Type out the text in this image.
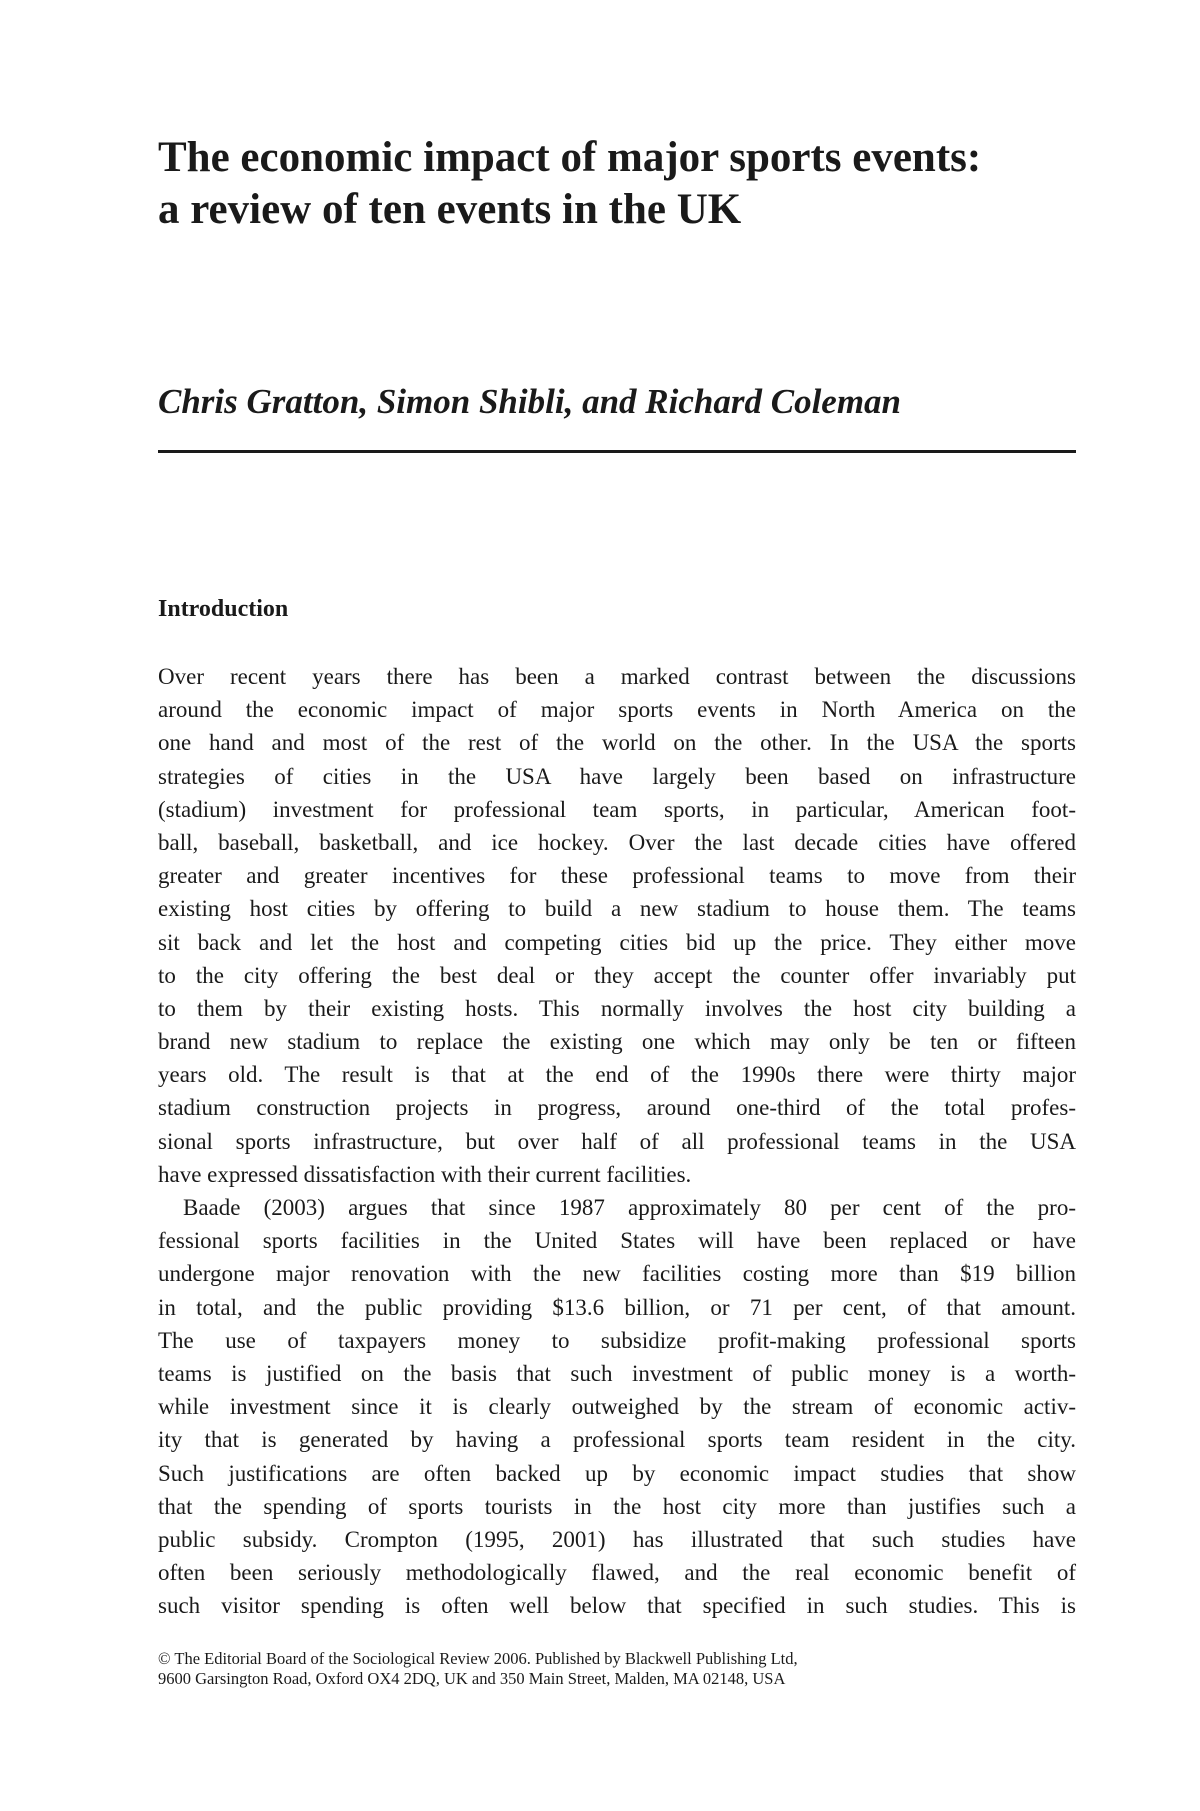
The economic impact of major sports events:
a review of ten events in the UK

Chris Gratton, Simon Shibli, and Richard Coleman

Introduction
Over recent years there has been a marked contrast between the discussions
around the economic impact of major sports events in North America on the
one hand and most of the rest of the world on the other. In the USA the sports
strategies of cities in the USA have largely been based on infrastructure
(stadium) investment for professional team sports, in particular, American foot-
ball, baseball, basketball, and ice hockey. Over the last decade cities have offered
greater and greater incentives for these professional teams to move from their
existing host cities by offering to build a new stadium to house them. The teams
sit back and let the host and competing cities bid up the price. They either move
to the city offering the best deal or they accept the counter offer invariably put
to them by their existing hosts. This normally involves the host city building a
brand new stadium to replace the existing one which may only be ten or fifteen
years old. The result is that at the end of the 1990s there were thirty major
stadium construction projects in progress, around one-third of the total profes-
sional sports infrastructure, but over half of all professional teams in the USA
have expressed dissatisfaction with their current facilities.
Baade (2003) argues that since 1987 approximately 80 per cent of the pro-
fessional sports facilities in the United States will have been replaced or have
undergone major renovation with the new facilities costing more than $19 billion
in total, and the public providing $13.6 billion, or 71 per cent, of that amount.
The use of taxpayers money to subsidize profit-making professional sports
teams is justified on the basis that such investment of public money is a worth-
while investment since it is clearly outweighed by the stream of economic activ-
ity that is generated by having a professional sports team resident in the city.
Such justifications are often backed up by economic impact studies that show
that the spending of sports tourists in the host city more than justifies such a
public subsidy. Crompton (1995, 2001) has illustrated that such studies have
often been seriously methodologically flawed, and the real economic benefit of
such visitor spending is often well below that specified in such studies. This is
© The Editorial Board of the Sociological Review 2006. Published by Blackwell Publishing Ltd,
9600 Garsington Road, Oxford OX4 2DQ, UK and 350 Main Street, Malden, MA 02148, USA
